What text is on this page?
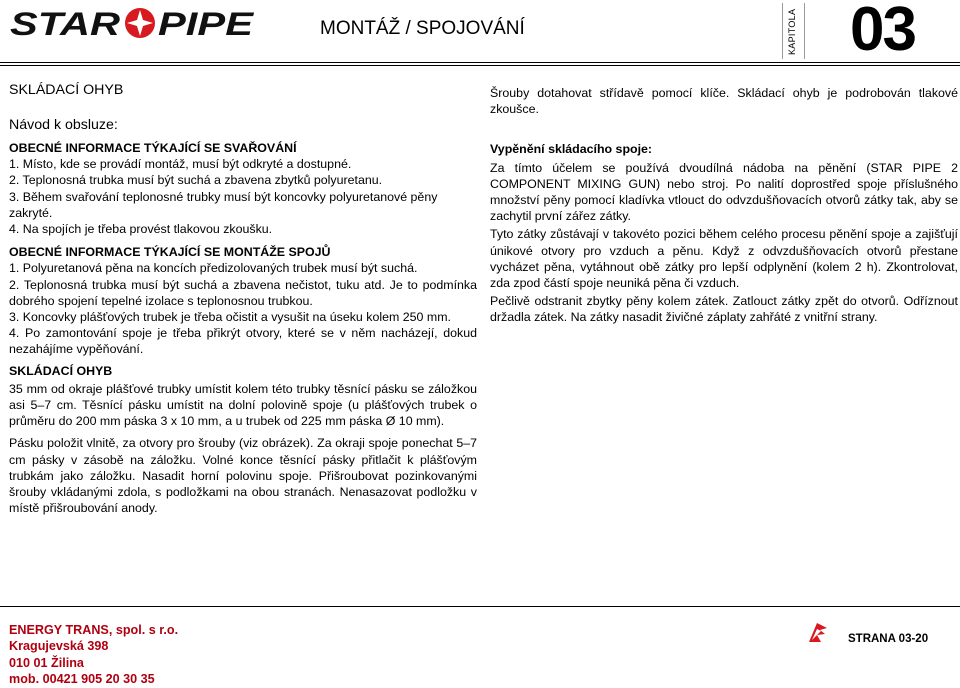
STAR PIPE	MONTÁŽ / SPOJOVÁNÍ	KAPITOLA 03

SKLÁDACÍ OHYB

Návod k obsluze:

OBECNÉ INFORMACE TÝKAJÍCÍ SE SVAŘOVÁNÍ

1. Místo, kde se provádí montáž, musí být odkryté a dostupné.
2. Teplonosná trubka musí být suchá a zbavena zbytků polyuretanu.
3. Během svařování teplonosné trubky musí být koncovky polyuretanové pěny zakryté.
4. Na spojích je třeba provést tlakovou zkoušku.

OBECNÉ INFORMACE TÝKAJÍCÍ SE MONTÁŽE SPOJŮ

1. Polyuretanová pěna na koncích předizolovaných trubek musí být suchá.
2. Teplonosná trubka musí být suchá a zbavena nečistot, tuku atd. Je to podmínka dobrého spojení tepelné izolace s teplonosnou trubkou.
3. Koncovky plášťových trubek je třeba očistit a vysušit na úseku kolem 250 mm.
4. Po zamontování spoje je třeba přikrýt otvory, které se v něm nacházejí, dokud nezahájíme vypěňování.

SKLÁDACÍ OHYB

35 mm od okraje plášťové trubky umístit kolem této trubky těsnící pásku se záložkou asi 5–7 cm. Těsnící pásku umístit na dolní polovině spoje (u plášťových trubek o průměru do 200 mm páska 3 x 10 mm, a u trubek od 225 mm páska Ø 10 mm).

Pásku položit vlnitě, za otvory pro šrouby (viz obrázek). Za okraji spoje ponechat 5–7 cm pásky v zásobě na záložku. Volné konce těsnící pásky přitlačit k plášťovým trubkám jako záložku. Nasadit horní polovinu spoje. Přišroubovat pozinkovanými šrouby vkládanými zdola, s podložkami na obou stranách. Nenasazovat podložku v místě přišroubování anody.

Šrouby dotahovat střídavě pomocí klíče. Skládací ohyb je podrobován tlakové zkoušce.

Vypěnění skládacího spoje:

Za tímto účelem se používá dvoudílná nádoba na pěnění (STAR PIPE 2 COMPONENT MIXING GUN) nebo stroj. Po nalití doprostřed spoje příslušného množství pěny pomocí kladívka vtlouct do odvzdušňovacích otvorů zátky tak, aby se zachytil první zářez zátky.

Tyto zátky zůstávají v takovéto pozici během celého procesu pěnění spoje a zajišťují únikové otvory pro vzduch a pěnu. Když z odvzdušňovacích otvorů přestane vycházet pěna, vytáhnout obě zátky pro lepší odplynění (kolem 2 h). Zkontrolovat, zda zpod částí spoje neuniká pěna či vzduch.

Pečlivě odstranit zbytky pěny kolem zátek. Zatlouct zátky zpět do otvorů. Odříznout držadla zátek. Na zátky nasadit živičné záplaty zahřáté z vnitřní strany.

ENERGY TRANS, spol. s r.o.
Kragujevská 398
010 01 Žilina
mob. 00421 905 20 30 35
STRANA 03-20
